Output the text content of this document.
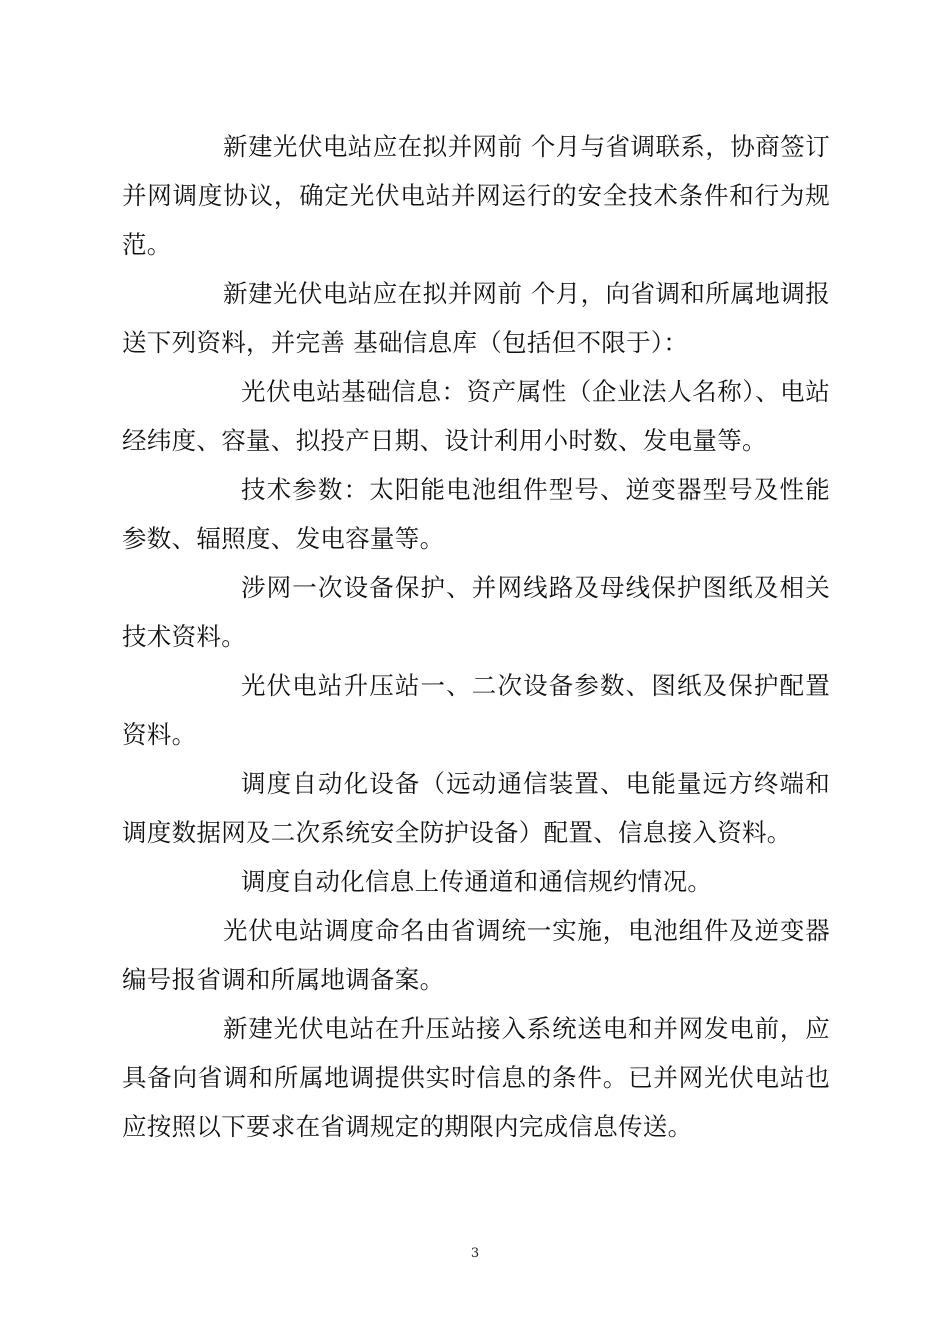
新建光伏电站应在拟并网前 个月与省调联系，协商签订并网调度协议，确定光伏电站并网运行的安全技术条件和行为规范。

新建光伏电站应在拟并网前 个月，向省调和所属地调报送下列资料，并完善 基础信息库（包括但不限于）：

光伏电站基础信息：资产属性（企业法人名称）、电站经纬度、容量、拟投产日期、设计利用小时数、发电量等。

技术参数：太阳能电池组件型号、逆变器型号及性能参数、辐照度、发电容量等。

涉网一次设备保护、并网线路及母线保护图纸及相关技术资料。

光伏电站升压站一、二次设备参数、图纸及保护配置资料。

调度自动化设备（远动通信装置、电能量远方终端和调度数据网及二次系统安全防护设备）配置、信息接入资料。

调度自动化信息上传通道和通信规约情况。

光伏电站调度命名由省调统一实施，电池组件及逆变器编号报省调和所属地调备案。

新建光伏电站在升压站接入系统送电和并网发电前，应具备向省调和所属地调提供实时信息的条件。已并网光伏电站也应按照以下要求在省调规定的期限内完成信息传送。

3
